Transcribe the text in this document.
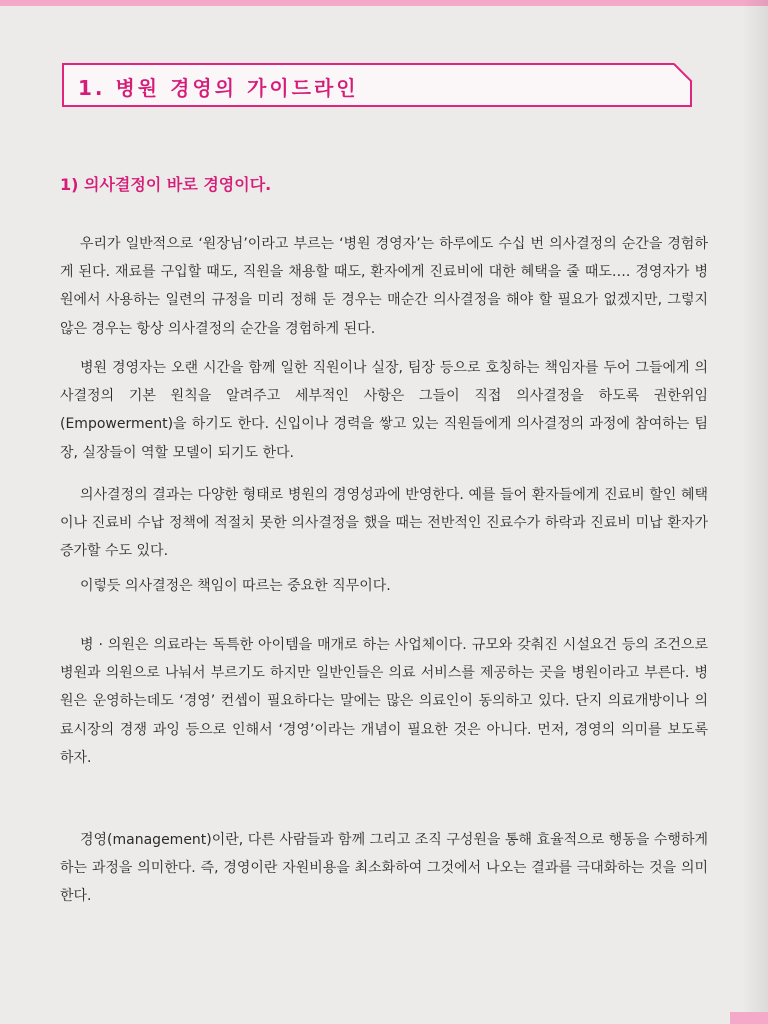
1. 병원 경영의 가이드라인
1) 의사결정이 바로 경영이다.

우리가 일반적으로 ‘원장님’이라고 부르는 ‘병원 경영자’는 하루에도 수십 번 의사결정의 순간을 경험하게 된다. 재료를 구입할 때도, 직원을 채용할 때도, 환자에게 진료비에 대한 혜택을 줄 때도…. 경영자가 병원에서 사용하는 일련의 규정을 미리 정해 둔 경우는 매순간 의사결정을 해야 할 필요가 없겠지만, 그렇지 않은 경우는 항상 의사결정의 순간을 경험하게 된다.

병원 경영자는 오랜 시간을 함께 일한 직원이나 실장, 팀장 등으로 호칭하는 책임자를 두어 그들에게 의사결정의 기본 원칙을 알려주고 세부적인 사항은 그들이 직접 의사결정을 하도록 권한위임(Empowerment)을 하기도 한다. 신입이나 경력을 쌓고 있는 직원들에게 의사결정의 과정에 참여하는 팀장, 실장들이 역할 모델이 되기도 한다.

의사결정의 결과는 다양한 형태로 병원의 경영성과에 반영한다. 예를 들어 환자들에게 진료비 할인 혜택이나 진료비 수납 정책에 적절치 못한 의사결정을 했을 때는 전반적인 진료수가 하락과 진료비 미납 환자가 증가할 수도 있다.

이렇듯 의사결정은 책임이 따르는 중요한 직무이다.

병 · 의원은 의료라는 독특한 아이템을 매개로 하는 사업체이다. 규모와 갖춰진 시설요건 등의 조건으로 병원과 의원으로 나눠서 부르기도 하지만 일반인들은 의료 서비스를 제공하는 곳을 병원이라고 부른다. 병원은 운영하는데도 ‘경영’ 컨셉이 필요하다는 말에는 많은 의료인이 동의하고 있다. 단지 의료개방이나 의료시장의 경쟁 과잉 등으로 인해서 ‘경영’이라는 개념이 필요한 것은 아니다. 먼저, 경영의 의미를 보도록 하자.

경영(management)이란, 다른 사람들과 함께 그리고 조직 구성원을 통해 효율적으로 행동을 수행하게 하는 과정을 의미한다. 즉, 경영이란 자원비용을 최소화하여 그것에서 나오는 결과를 극대화하는 것을 의미한다.
